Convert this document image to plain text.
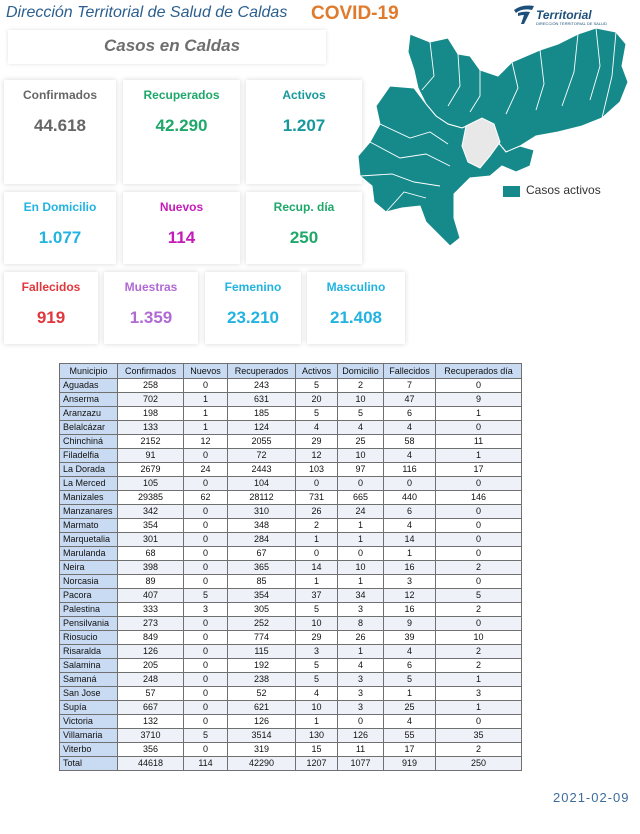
Dirección Territorial de Salud de Caldas COVID-19	Territorial
DIRECCIÓN TERRITORIAL DE SALUD
Casos en Caldas
Confirmados
44.618
Recuperados
42.290
Activos
1.207
En Domicilio
1.077
Nuevos
114
Recup. día
250
Fallecidos
919
Muestras
1.359
Femenino
23.210
Masculino
21.408
Casos activos
Municipio	Confirmados	Nuevos	Recuperados	Activos	Domicilio	Fallecidos	Recuperados día
Aguadas	258	0	243	5	2	7	0
Anserma	702	1	631	20	10	47	9
Aranzazu	198	1	185	5	5	6	1
Belalcázar	133	1	124	4	4	4	0
Chinchiná	2152	12	2055	29	25	58	11
Filadelfia	91	0	72	12	10	4	1
La Dorada	2679	24	2443	103	97	116	17
La Merced	105	0	104	0	0	0	0
Manizales	29385	62	28112	731	665	440	146
Manzanares	342	0	310	26	24	6	0
Marmato	354	0	348	2	1	4	0
Marquetalia	301	0	284	1	1	14	0
Marulanda	68	0	67	0	0	1	0
Neira	398	0	365	14	10	16	2
Norcasia	89	0	85	1	1	3	0
Pacora	407	5	354	37	34	12	5
Palestina	333	3	305	5	3	16	2
Pensilvania	273	0	252	10	8	9	0
Riosucio	849	0	774	29	26	39	10
Risaralda	126	0	115	3	1	4	2
Salamina	205	0	192	5	4	6	2
Samaná	248	0	238	5	3	5	1
San Jose	57	0	52	4	3	1	3
Supía	667	0	621	10	3	25	1
Victoria	132	0	126	1	0	4	0
Villamaria	3710	5	3514	130	126	55	35
Viterbo	356	0	319	15	11	17	2
Total	44618	114	42290	1207	1077	919	250
2021-02-09
